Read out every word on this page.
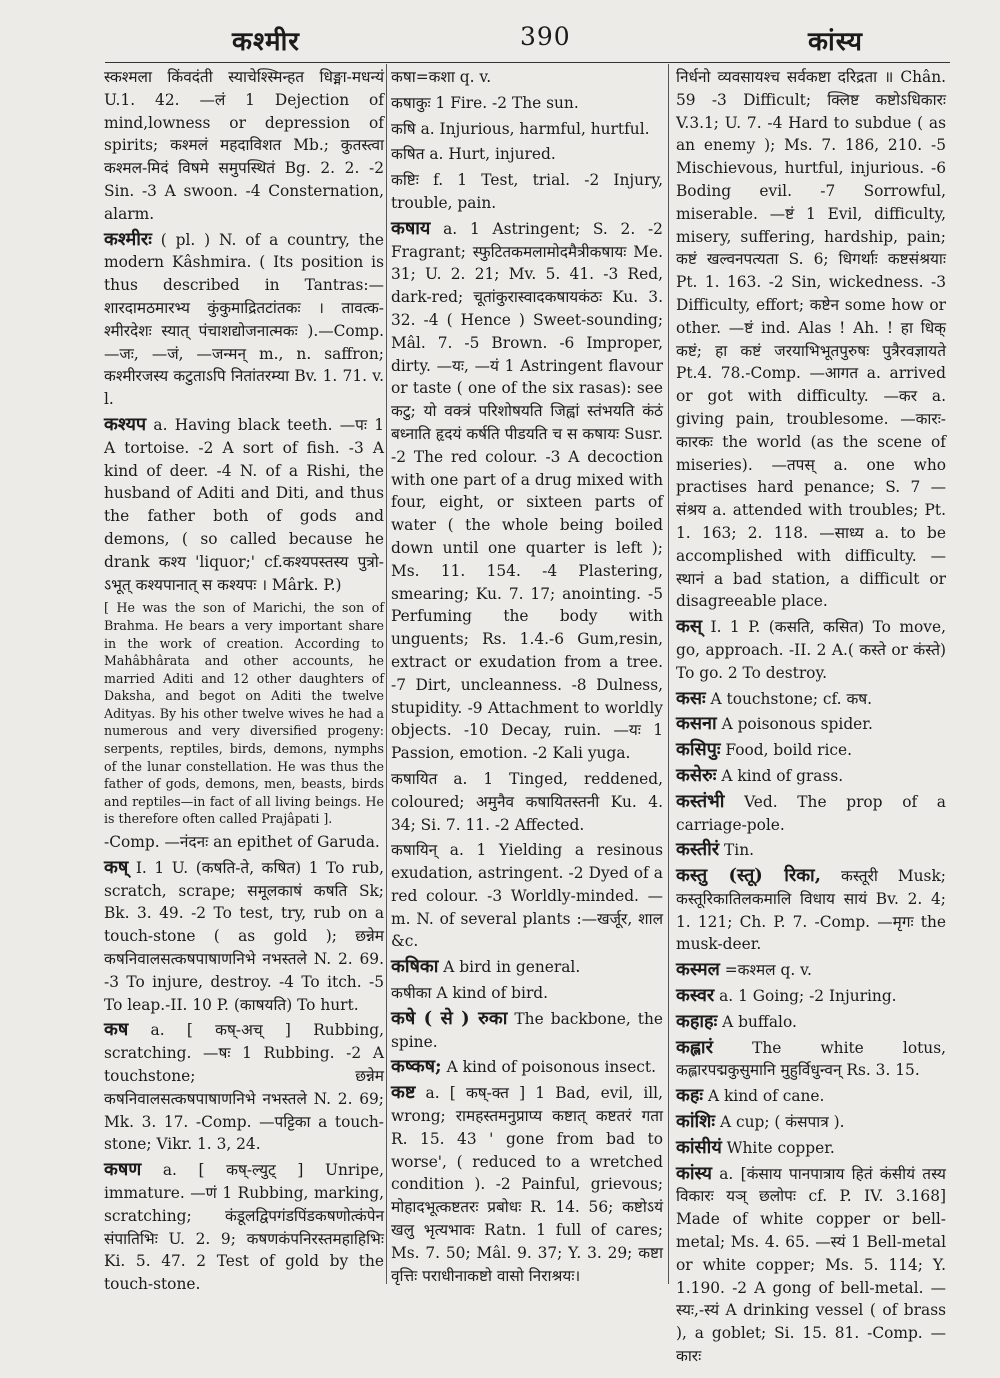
कश्मीर	390	कांस्य

स्कश्मला किंवदंती स्याचेश्स्मिन्हत धिङ्मा-मधन्यं U.1. 42. —लं 1 Dejection of mind,lowness or depression of spirits; कश्मलं महदाविशत Mb.; कुतस्त्वा कश्मल-मिदं विषमे समुपस्थितं Bg. 2. 2. -2 Sin. -3 A swoon. -4 Consternation, alarm.

कश्मीरः ( pl. ) N. of a country, the modern Kâshmira. ( Its position is thus described in Tantras:— शारदामठमारभ्य कुंकुमाद्रितटांतकः । तावत्क-श्मीरदेशः स्यात् पंचाशद्योजनात्मकः ).—Comp. —जः, —जं, —जन्मन् m., n. saffron; कश्मीरजस्य कटुताऽपि नितांतरम्या Bv. 1. 71. v. l.

कश्यप a. Having black teeth. —पः 1 A tortoise. -2 A sort of fish. -3 A kind of deer. -4 N. of a Rishi, the husband of Aditi and Diti, and thus the father both of gods and demons, ( so called because he drank कश्य 'liquor;' cf.कश्यपस्तस्य पुत्रो-ऽभूत् कश्यपानात् स कश्यपः । Mârk. P.)

[ He was the son of Marichi, the son of Brahma. He bears a very important share in the work of creation. According to Mahâbhârata and other accounts, he married Aditi and 12 other daughters of Daksha, and begot on Aditi the twelve Adityas. By his other twelve wives he had a numerous and very diversified progeny: serpents, reptiles, birds, demons, nymphs of the lunar constellation. He was thus the father of gods, demons, men, beasts, birds and reptiles—in fact of all living beings. He is therefore often called Prajâpati ].

-Comp. —नंदनः an epithet of Garuda.

कष् I. 1 U. (कषति-ते, कषित) 1 To rub, scratch, scrape; समूलकाषं कषति Sk; Bk. 3. 49. -2 To test, try, rub on a touch-stone ( as gold ); छन्नेम कषनिवालसत्कषपाषाणनिभे नभस्तले N. 2. 69. -3 To injure, destroy. -4 To itch. -5 To leap.-II. 10 P. (काषयति) To hurt.

कष a. [ कष्-अच् ] Rubbing, scratching. —षः 1 Rubbing. -2 A touchstone; छन्नेम कषनिवालसत्कषपाषाणनिभे नभस्तले N. 2. 69; Mk. 3. 17. -Comp. —पट्टिका a touch-stone; Vikr. 1. 3, 24.

कषण a. [ कष्-ल्युट् ] Unripe, immature. —णं 1 Rubbing, marking, scratching; कंडूलद्विपगंडपिंडकषणोत्कंपेन संपातिभिः U. 2. 9; कषणकंपनिरस्तमहाहिभिः Ki. 5. 47. 2 Test of gold by the touch-stone.

कषा=कशा q. v.

कषाकुः 1 Fire. -2 The sun.

कषि a. Injurious, harmful, hurtful.

कषित a. Hurt, injured.

कष्टिः f. 1 Test, trial. -2 Injury, trouble, pain.

कषाय a. 1 Astringent; S. 2. -2 Fragrant; स्फुटितकमलामोदमैत्रीकषायः Me. 31; U. 2. 21; Mv. 5. 41. -3 Red, dark-red; चूतांकुरास्वादकषायकंठः Ku. 3. 32. -4 ( Hence ) Sweet-sounding; Mâl. 7. -5 Brown. -6 Improper, dirty. —यः, —यं 1 Astringent flavour or taste ( one of the six rasas): see कटु; यो वक्त्रं परिशोषयति जिह्वां स्तंभयति कंठं बध्नाति हृदयं कर्षति पीडयति च स कषायः Susr. -2 The red colour. -3 A decoction with one part of a drug mixed with four, eight, or sixteen parts of water ( the whole being boiled down until one quarter is left ); Ms. 11. 154. -4 Plastering, smearing; Ku. 7. 17; anointing. -5 Perfuming the body with unguents; Rs. 1.4.-6 Gum,resin, extract or exudation from a tree. -7 Dirt, uncleanness. -8 Dulness, stupidity. -9 Attachment to worldly objects. -10 Decay, ruin. —यः 1 Passion, emotion. -2 Kali yuga.

कषायित a. 1 Tinged, reddened, coloured; अमुनैव कषायितस्तनी Ku. 4. 34; Si. 7. 11. -2 Affected.

कषायिन् a. 1 Yielding a resinous exudation, astringent. -2 Dyed of a red colour. -3 Worldly-minded. —m. N. of several plants :—खर्जूर, शाल &c.

कषिका A bird in general.

कषीका A kind of bird.

कषे ( से ) रुका The backbone, the spine.

कष्कष; A kind of poisonous insect.

कष्ट a. [ कष्-क्त ] 1 Bad, evil, ill, wrong; रामहस्तमनुप्राप्य कष्टात् कष्टतरं गता R. 15. 43 ' gone from bad to worse', ( reduced to a wretched condition ). -2 Painful, grievous; मोहादभूत्कष्टतरः प्रबोधः R. 14. 56; कष्टोऽयं खलु भृत्यभावः Ratn. 1 full of cares; Ms. 7. 50; Mâl. 9. 37; Y. 3. 29; कष्टा वृत्तिः पराधीनाकष्टो वासो निराश्रयः।

निर्धनो व्यवसायश्च सर्वकष्टा दरिद्रता ॥ Chân. 59 -3 Difficult; क्लिष्ट कष्टोऽधिकारः V.3.1; U. 7. -4 Hard to subdue ( as an enemy ); Ms. 7. 186, 210. -5 Mischievous, hurtful, injurious. -6 Boding evil. -7 Sorrowful, miserable. —ष्टं 1 Evil, difficulty, misery, suffering, hardship, pain; कष्टं खल्वनपत्यता S. 6; धिगर्थाः कष्टसंश्रयाः Pt. 1. 163. -2 Sin, wickedness. -3 Difficulty, effort; कष्टेन some how or other. —ष्टं ind. Alas ! Ah. ! हा धिक् कष्टं; हा कष्टं जरयाभिभूतपुरुषः पुत्रैरवज्ञायते Pt.4. 78.-Comp. —आगत a. arrived or got with difficulty. —कर a. giving pain, troublesome. —कारः-कारकः the world (as the scene of miseries). —तपस् a. one who practises hard penance; S. 7 —संश्रय a. attended with troubles; Pt. 1. 163; 2. 118. —साध्य a. to be accomplished with difficulty. —स्थानं a bad station, a difficult or disagreeable place.

कस् I. 1 P. (कसति, कसित) To move, go, approach. -II. 2 A.( कस्ते or कंस्ते) To go. 2 To destroy.

कसः A touchstone; cf. कष.

कसना A poisonous spider.

कसिपुः Food, boild rice.

कसेरुः A kind of grass.

कस्तंभी Ved. The prop of a carriage-pole.

कस्तीरं Tin.

कस्तु (स्तू) रिका, कस्तूरी Musk; कस्तूरिकातिलकमालि विधाय सायं Bv. 2. 4; 1. 121; Ch. P. 7. -Comp. —मृगः the musk-deer.

कस्मल =कश्मल q. v.

कस्वर a. 1 Going; -2 Injuring.

कहाहः A buffalo.

कह्लारं	The white lotus, कह्लारपद्मकुसुमानि मुहुर्विधुन्वन् Rs. 3. 15.

कहः A kind of cane.

कांशिः A cup; ( कंसपात्र ).

कांसीयं White copper.

कांस्य a. [कंसाय पानपात्राय हितं कंसीयं तस्य विकारः यञ् छलोपः cf. P. IV. 3.168] Made of white copper or bell-metal; Ms. 4. 65. —स्यं 1 Bell-metal or white copper; Ms. 5. 114; Y. 1.190. -2 A gong of bell-metal. —स्यः,-स्यं A drinking vessel ( of brass ), a goblet; Si. 15. 81. -Comp. —कारः
